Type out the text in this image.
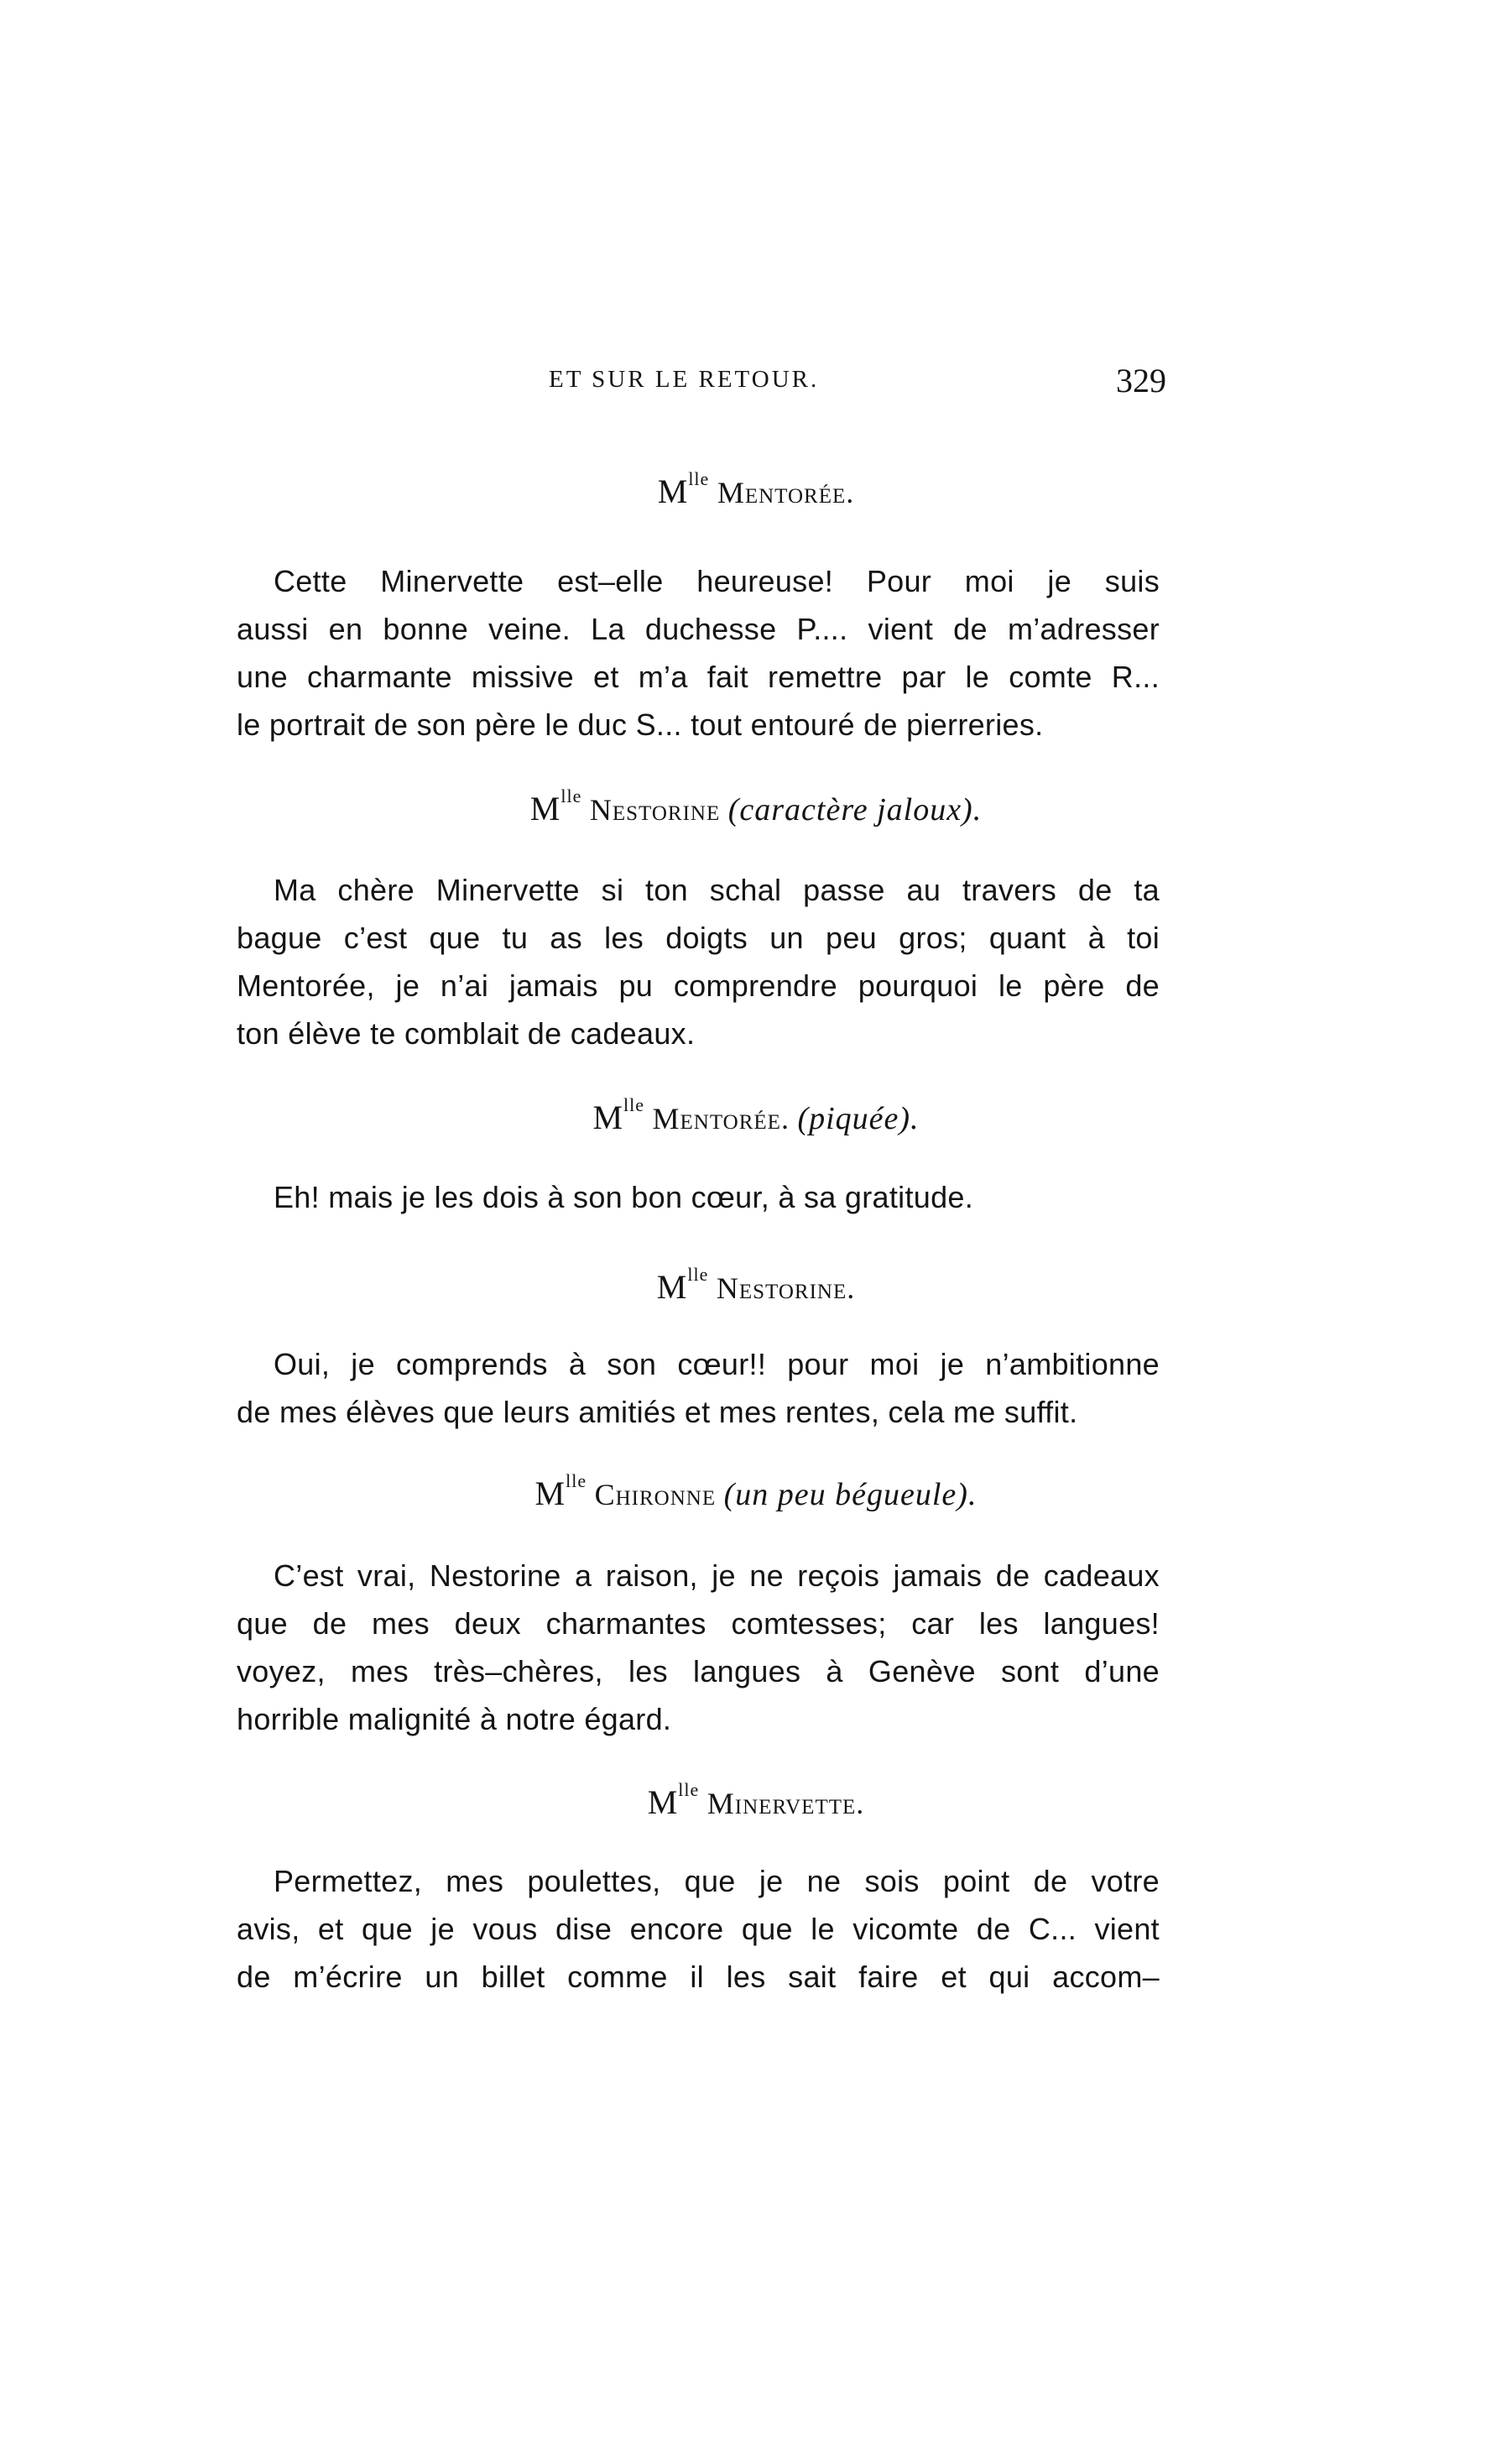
ET SUR LE RETOUR.	329
$M^{lle}$ Mentorée.
Cette Minervette est–elle heureuse! Pour moi je suis
aussi en bonne veine. La duchesse P.... vient de m’adresser
une charmante missive et m’a fait remettre par le comte R...
le portrait de son père le duc S... tout entouré de pierreries.
$M^{lle}$ Nestorine (caractère jaloux).
Ma chère Minervette si ton schal passe au travers de ta
bague c’est que tu as les doigts un peu gros; quant à toi
Mentorée, je n’ai jamais pu comprendre pourquoi le père de
ton élève te comblait de cadeaux.
$M^{lle}$ Mentorée. (piquée).
Eh! mais je les dois à son bon cœur, à sa gratitude.
$M^{lle}$ Nestorine.
Oui, je comprends à son cœur!! pour moi je n’ambitionne
de mes élèves que leurs amitiés et mes rentes, cela me suffit.
$M^{lle}$ Chironne (un peu bégueule).
C’est vrai, Nestorine a raison, je ne reçois jamais de cadeaux
que de mes deux charmantes comtesses; car les langues!
voyez, mes très–chères, les langues à Genève sont d’une
horrible malignité à notre égard.
$M^{lle}$ Minervette.
Permettez, mes poulettes, que je ne sois point de votre
avis, et que je vous dise encore que le vicomte de C... vient
de m’écrire un billet comme il les sait faire et qui accom–
